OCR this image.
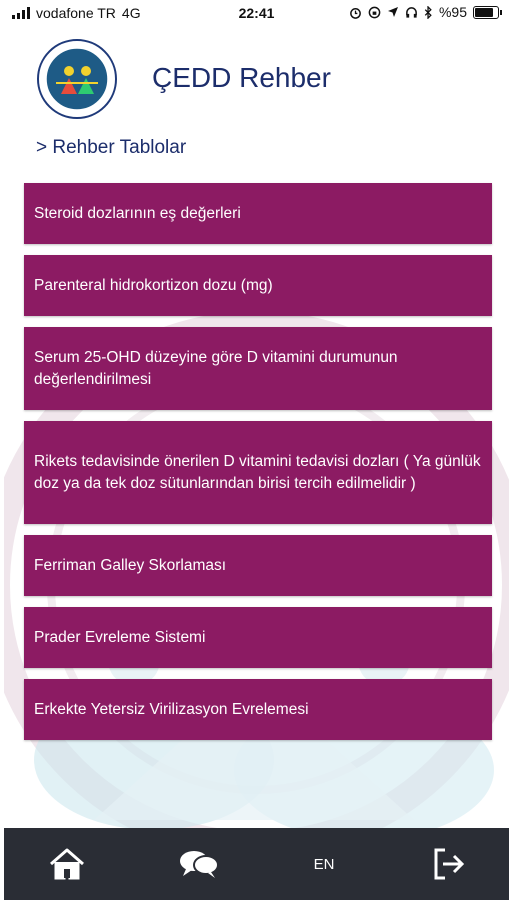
vodafone TR 4G	22:41	%95
ÇEDD Rehber
> Rehber Tablolar
Steroid dozlarının eş değerleri
Parenteral hidrokortizon dozu (mg)
Serum 25-OHD düzeyine göre D vitamini durumunun değerlendirilmesi
Rikets tedavisinde önerilen D vitamini tedavisi dozları ( Ya günlük doz ya da tek doz sütunlarından birisi tercih edilmelidir )
Ferriman Galley Skorlaması
Prader Evreleme Sistemi
Erkekte Yetersiz Virilizasyon Evrelemesi
EN
